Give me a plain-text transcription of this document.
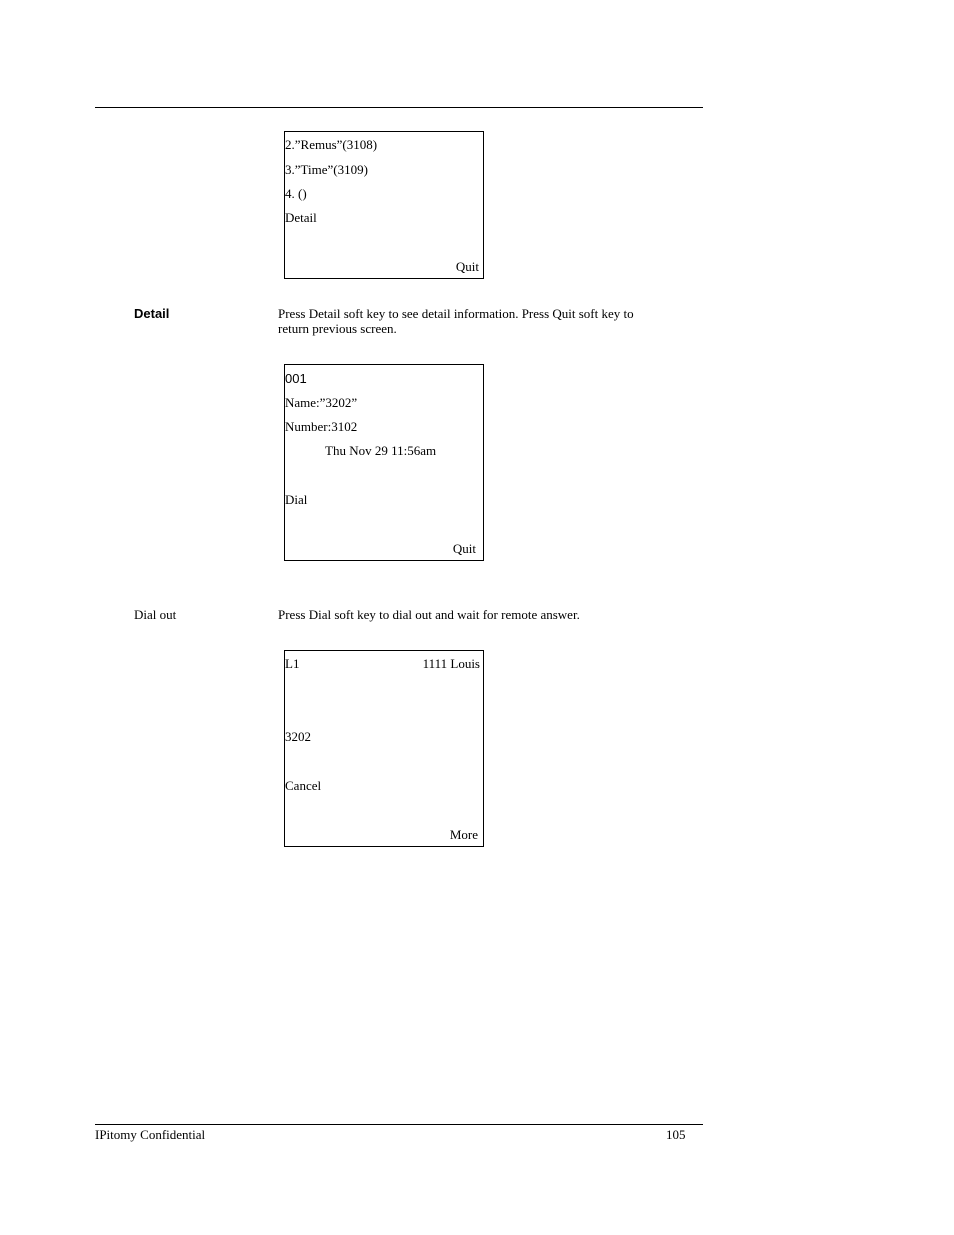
2.”Remus”(3108)
3.”Time”(3109)
4. ()
Detail
Quit
Detail	Press Detail soft key to see detail information. Press Quit soft key to return previous screen.
001
Name:”3202”
Number:3102
Thu Nov 29 11:56am
Dial
Quit
Dial out	Press Dial soft key to dial out and wait for remote answer.
L1	1111 Louis
3202
Cancel
More
IPitomy Confidential	105
